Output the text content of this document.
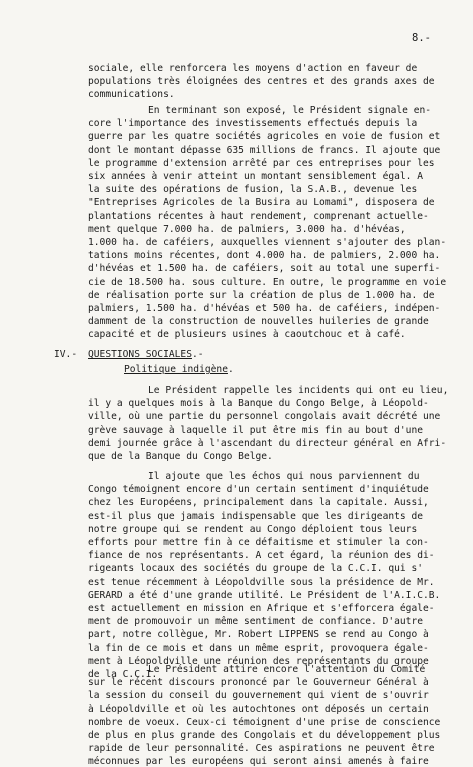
8.-
sociale, elle renforcera les moyens d'action en faveur de
populations très éloignées des centres et des grands axes de
communications.
En terminant son exposé, le Président signale en-
core l'importance des investissements effectués depuis la
guerre par les quatre sociétés agricoles en voie de fusion et
dont le montant dépasse 635 millions de francs. Il ajoute que
le programme d'extension arrêté par ces entreprises pour les
six années à venir atteint un montant sensiblement égal. A
la suite des opérations de fusion, la S.A.B., devenue les
"Entreprises Agricoles de la Busira au Lomami", disposera de
plantations récentes à haut rendement, comprenant actuelle-
ment quelque 7.000 ha. de palmiers, 3.000 ha. d'hévéas,
1.000 ha. de caféiers, auxquelles viennent s'ajouter des plan-
tations moins récentes, dont 4.000 ha. de palmiers, 2.000 ha.
d'hévéas et 1.500 ha. de caféiers, soit au total une superfi-
cie de 18.500 ha. sous culture. En outre, le programme en voie
de réalisation porte sur la création de plus de 1.000 ha. de
palmiers, 1.500 ha. d'hévéas et 500 ha. de caféiers, indépen-
damment de la construction de nouvelles huileries de grande
capacité et de plusieurs usines à caoutchouc et à café.
IV.- QUESTIONS SOCIALES.-
Politique indigène.
Le Président rappelle les incidents qui ont eu lieu,
il y a quelques mois à la Banque du Congo Belge, à Léopold-
ville, où une partie du personnel congolais avait décrété une
grève sauvage à laquelle il put être mis fin au bout d'une
demi journée grâce à l'ascendant du directeur général en Afri-
que de la Banque du Congo Belge.
Il ajoute que les échos qui nous parviennent du
Congo témoignent encore d'un certain sentiment d'inquiétude
chez les Européens, principalement dans la capitale. Aussi,
est-il plus que jamais indispensable que les dirigeants de
notre groupe qui se rendent au Congo déploient tous leurs
efforts pour mettre fin à ce défaitisme et stimuler la con-
fiance de nos représentants. A cet égard, la réunion des di-
rigeants locaux des sociétés du groupe de la C.C.I. qui s'
est tenue récemment à Léopoldville sous la présidence de Mr.
GERARD a été d'une grande utilité. Le Président de l'A.I.C.B.
est actuellement en mission en Afrique et s'efforcera égale-
ment de promouvoir un même sentiment de confiance. D'autre
part, notre collègue, Mr. Robert LIPPENS se rend au Congo à
la fin de ce mois et dans un même esprit, provoquera égale-
ment à Léopoldville une réunion des représentants du groupe
de la C.C.I.
Le Président attire encore l'attention du Comité
sur le récent discours prononcé par le Gouverneur Général à
la session du conseil du gouvernement qui vient de s'ouvrir
à Léopoldville et où les autochtones ont déposés un certain
nombre de voeux. Ceux-ci témoignent d'une prise de conscience
de plus en plus grande des Congolais et du développement plus
rapide de leur personnalité. Ces aspirations ne peuvent être
méconnues par les européens qui seront ainsi amenés à faire
